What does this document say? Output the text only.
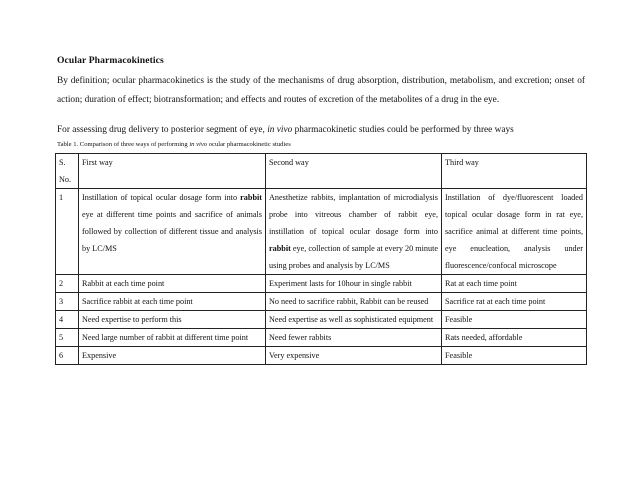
Ocular Pharmacokinetics
By definition; ocular pharmacokinetics is the study of the mechanisms of drug absorption, distribution, metabolism, and excretion; onset of action; duration of effect; biotransformation; and effects and routes of excretion of the metabolites of a drug in the eye.
For assessing drug delivery to posterior segment of eye, in vivo pharmacokinetic studies could be performed by three ways
Table 1. Comparison of three ways of performing in vivo ocular pharmacokinetic studies
S. No.	First way	Second way	Third way
1	Instillation of topical ocular dosage form into rabbit eye at different time points and sacrifice of animals followed by collection of different tissue and analysis by LC/MS	Anesthetize rabbits, implantation of microdialysis probe into vitreous chamber of rabbit eye, instillation of topical ocular dosage form into rabbit eye, collection of sample at every 20 minute using probes and analysis by LC/MS	Instillation of dye/fluorescent loaded topical ocular dosage form in rat eye, sacrifice animal at different time points, eye enucleation, analysis under fluorescence/confocal microscope
2	Rabbit at each time point	Experiment lasts for 10hour in single rabbit	Rat at each time point
3	Sacrifice rabbit at each time point	No need to sacrifice rabbit, Rabbit can be reused	Sacrifice rat at each time point
4	Need expertise to perform this	Need expertise as well as sophisticated equipment	Feasible
5	Need large number of rabbit at different time point	Need fewer rabbits	Rats needed, affordable
6	Expensive	Very expensive	Feasible
